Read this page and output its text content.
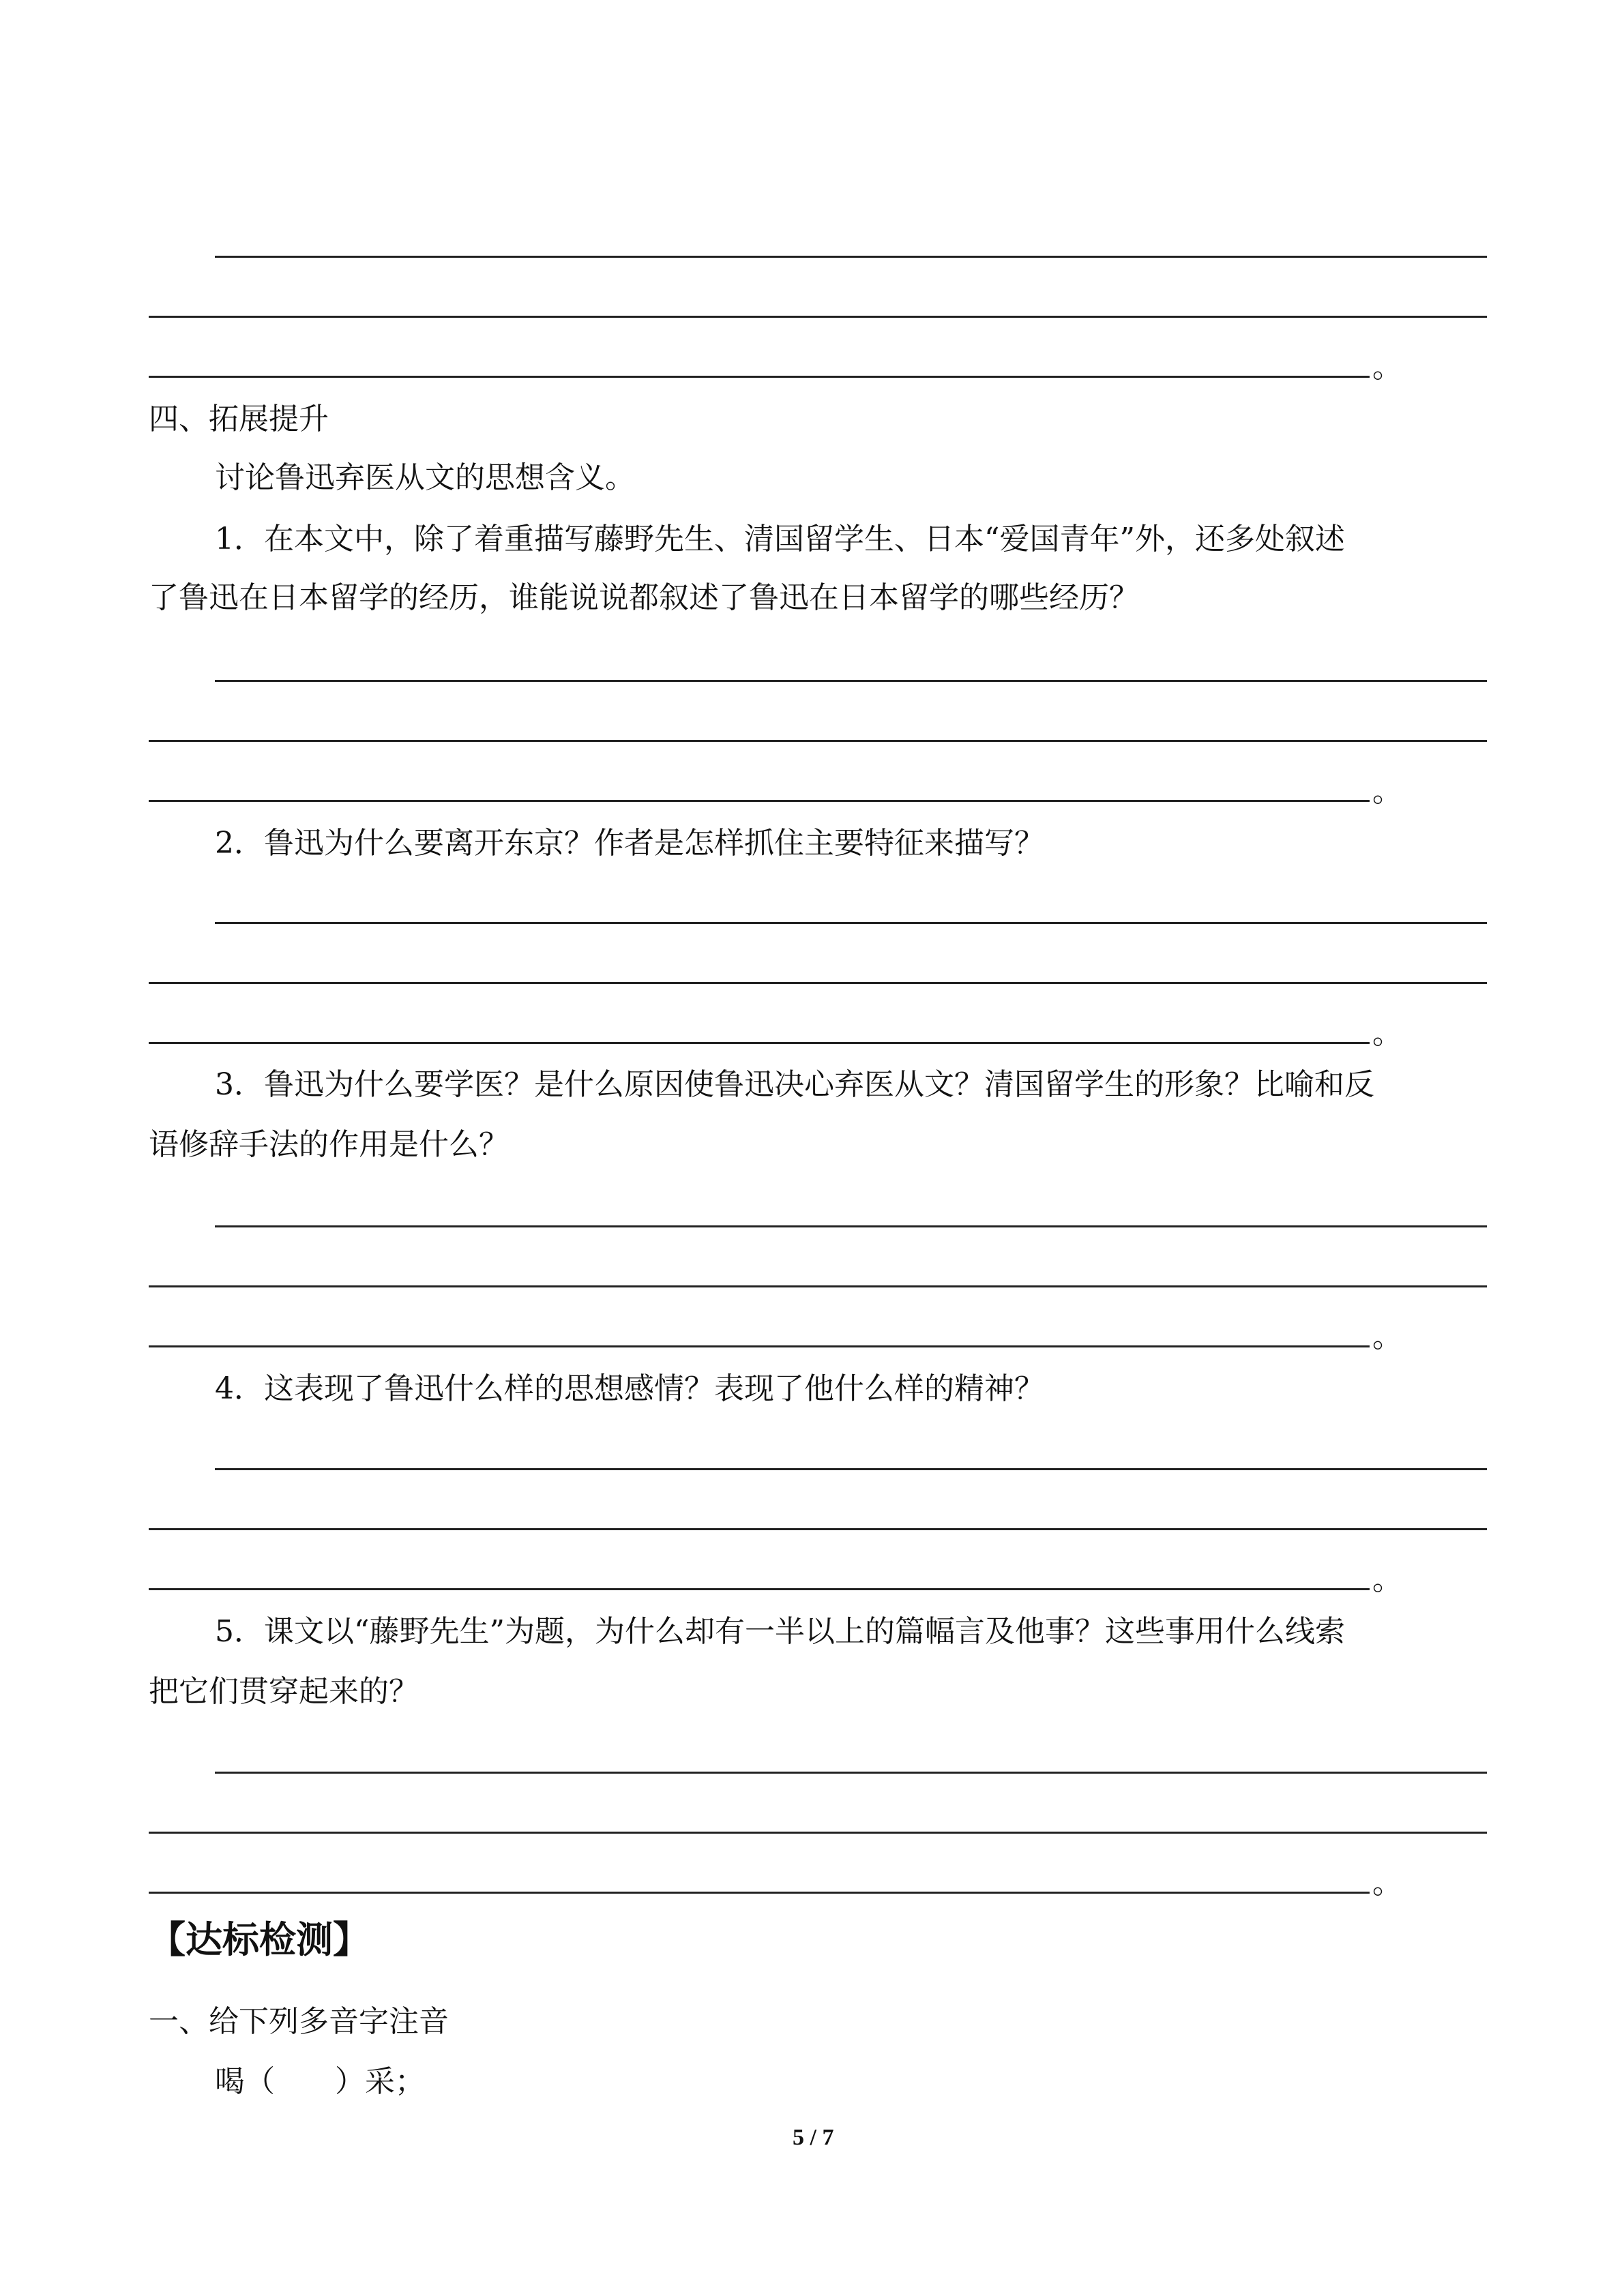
。
四、拓展提升
讨论鲁迅弃医从文的思想含义。
1．在本文中，除了着重描写藤野先生、清国留学生、日本“爱国青年”外，还多处叙述
了鲁迅在日本留学的经历，谁能说说都叙述了鲁迅在日本留学的哪些经历？
。
2．鲁迅为什么要离开东京？作者是怎样抓住主要特征来描写？
。
3．鲁迅为什么要学医？是什么原因使鲁迅决心弃医从文？清国留学生的形象？比喻和反
语修辞手法的作用是什么？
。
4．这表现了鲁迅什么样的思想感情？表现了他什么样的精神？
。
5．课文以“藤野先生”为题，为什么却有一半以上的篇幅言及他事？这些事用什么线索
把它们贯穿起来的？
。
【达标检测】
一、给下列多音字注音
喝（　　）采；
5 / 7
